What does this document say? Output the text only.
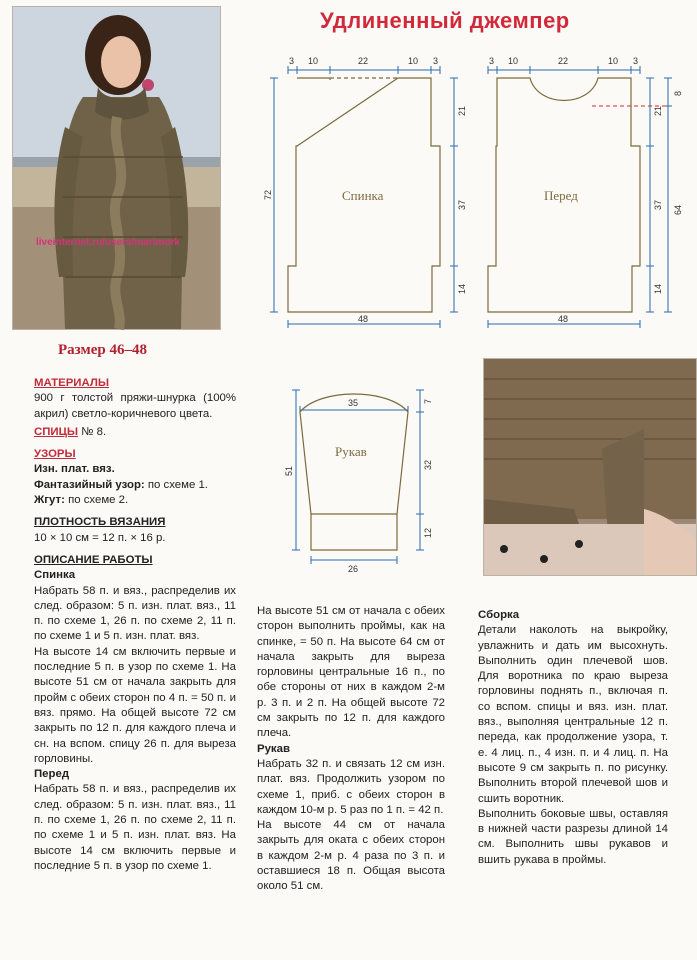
Удлиненный джемпер
liveinternet.ru/users/marimork
Размер 46–48
3 10	22	10 3
72
21
37
14
48
Спинка
3 10	22	10 3
21
37
14
8
64
48
Перед
35
51
7
32
12
26
Рукав

МАТЕРИАЛЫ

900 г толстой пряжи-шнурка (100% акрил) светло-коричневого цвета.

СПИЦЫ № 8.

УЗОРЫ

Изн. плат. вяз.

Фантазийный узор: по схеме 1.

Жгут: по схеме 2.

ПЛОТНОСТЬ ВЯЗАНИЯ

10 × 10 см = 12 п. × 16 р.

ОПИСАНИЕ РАБОТЫ

Спинка

Набрать 58 п. и вяз., распределив их след. образом: 5 п. изн. плат. вяз., 11 п. по схеме 1, 26 п. по схеме 2, 11 п. по схеме 1 и 5 п. изн. плат. вяз.

На высоте 14 см включить первые и последние 5 п. в узор по схеме 1. На высоте 51 см от начала закрыть для пройм с обеих сторон по 4 п. = 50 п. и вяз. прямо. На общей высоте 72 см закрыть по 12 п. для каждого плеча и сн. на вспом. спицу 26 п. для выреза горловины.

Перед

Набрать 58 п. и вяз., распределив их след. образом: 5 п. изн. плат. вяз., 11 п. по схеме 1, 26 п. по схеме 2, 11 п. по схеме 1 и 5 п. изн. плат. вяз. На высоте 14 см включить первые и последние 5 п. в узор по схеме 1.

На высоте 51 см от начала с обеих сторон выполнить проймы, как на спинке, = 50 п. На высоте 64 см от начала закрыть для выреза горловины центральные 16 п., по обе стороны от них в каждом 2-м р. 3 п. и 2 п. На общей высоте 72 см закрыть по 12 п. для каждого плеча.

Рукав

Набрать 32 п. и связать 12 см изн. плат. вяз. Продолжить узором по схеме 1, приб. с обеих сторон в каждом 10-м р. 5 раз по 1 п. = 42 п.

На высоте 44 см от начала закрыть для оката с обеих сторон в каждом 2-м р. 4 раза по 3 п. и оставшиеся 18 п. Общая высота около 51 см.

Сборка

Детали наколоть на выкройку, увлажнить и дать им высохнуть. Выполнить один плечевой шов. Для воротника по краю выреза горловины поднять п., включая п. со вспом. спицы и вяз. изн. плат. вяз., выполняя центральные 12 п. переда, как продолжение узора, т. е. 4 лиц. п., 4 изн. п. и 4 лиц. п. На высоте 9 см закрыть п. по рисунку. Выполнить второй плечевой шов и сшить воротник.

Выполнить боковые швы, оставляя в нижней части разрезы длиной 14 см. Выполнить швы рукавов и вшить рукава в проймы.
